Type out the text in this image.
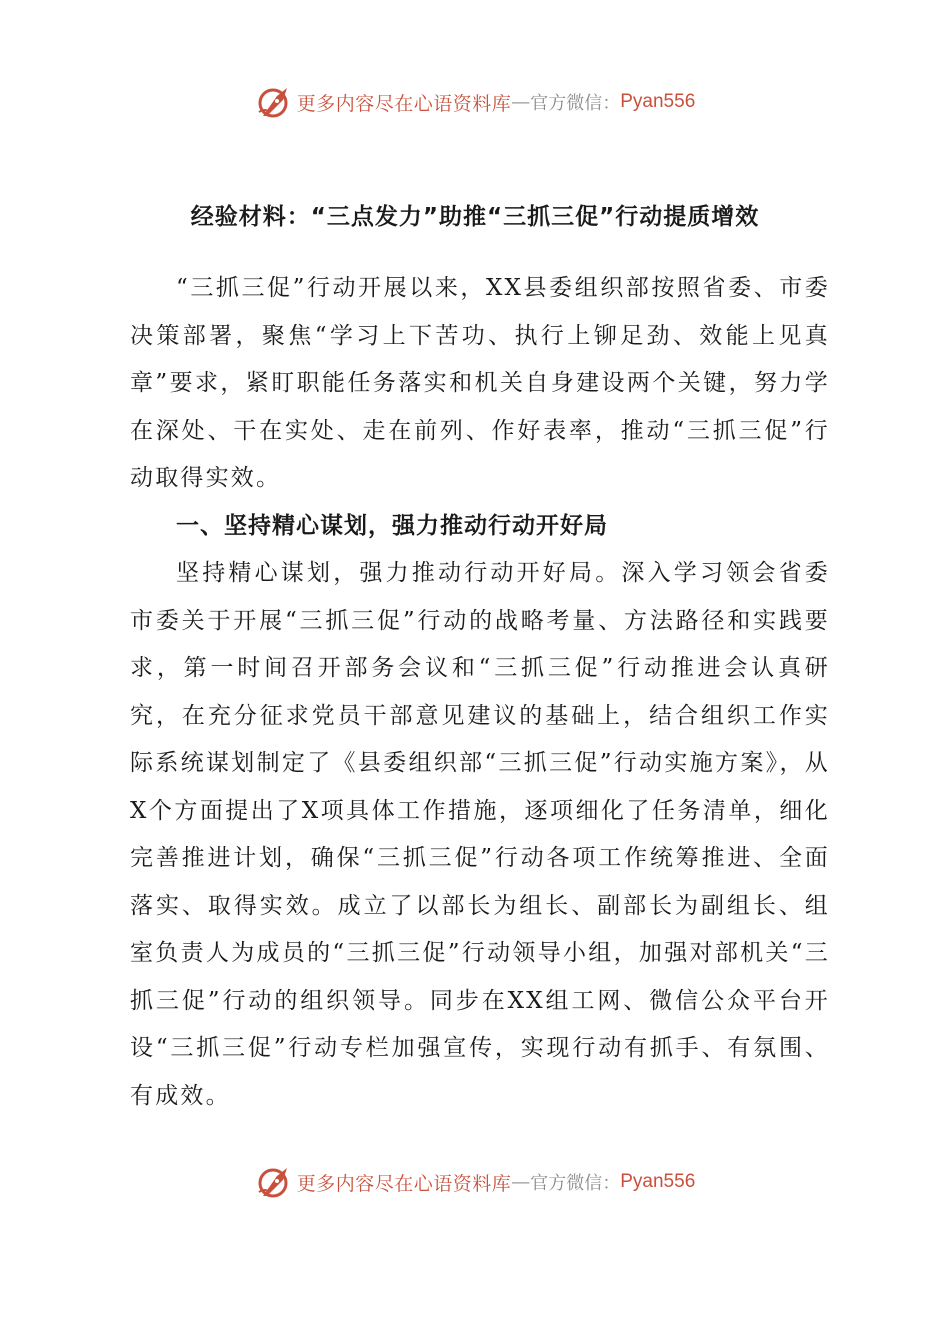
更多内容尽在心语资料库 — 官方微信： Pyan556
经验材料：“三点发力”助推“三抓三促”行动提质增效

“三抓三促”行动开展以来，XX县委组织部按照省委、市委决策部署，聚焦“学习上下苦功、执行上铆足劲、效能上见真章”要求，紧盯职能任务落实和机关自身建设两个关键，努力学在深处、干在实处、走在前列、作好表率，推动“三抓三促”行动取得实效。

一、坚持精心谋划，强力推动行动开好局

坚持精心谋划，强力推动行动开好局。深入学习领会省委市委关于开展“三抓三促”行动的战略考量、方法路径和实践要求，第一时间召开部务会议和“三抓三促”行动推进会认真研究，在充分征求党员干部意见建议的基础上，结合组织工作实际系统谋划制定了《县委组织部“三抓三促”行动实施方案》，从X个方面提出了X项具体工作措施，逐项细化了任务清单，细化完善推进计划，确保“三抓三促”行动各项工作统筹推进、全面落实、取得实效。成立了以部长为组长、副部长为副组长、组室负责人为成员的“三抓三促”行动领导小组，加强对部机关“三抓三促”行动的组织领导。同步在XX组工网、微信公众平台开设“三抓三促”行动专栏加强宣传，实现行动有抓手、有氛围、有成效。

更多内容尽在心语资料库 — 官方微信： Pyan556
